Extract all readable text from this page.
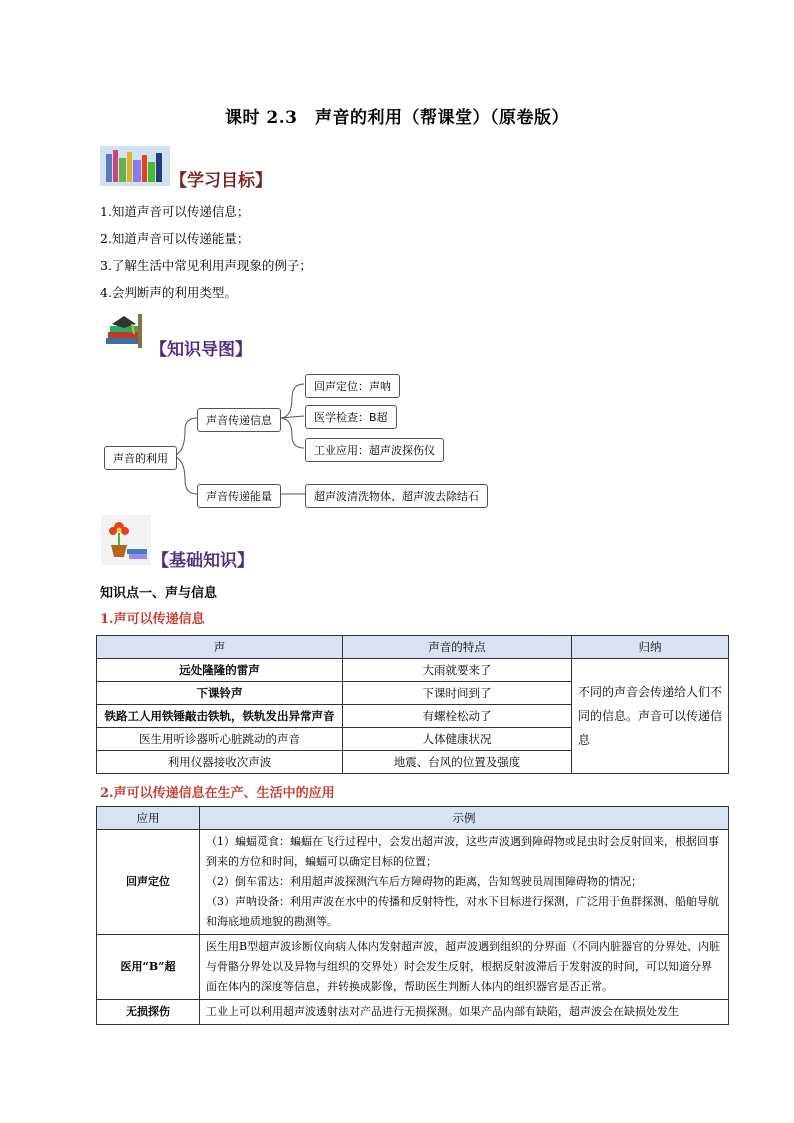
课时 2.3　声音的利用（帮课堂）（原卷版）
【学习目标】
1.知道声音可以传递信息；
2.知道声音可以传递能量；
3.了解生活中常见利用声现象的例子；
4.会判断声的利用类型。
【知识导图】
声音的利用
声音传递信息
回声定位：声呐
医学检查：B超
工业应用：超声波探伤仪
声音传递能量	超声波清洗物体、超声波去除结石
【基础知识】
知识点一、声与信息
1.声可以传递信息
声	声音的特点	归纳
远处隆隆的雷声	大雨就要来了	不同的声音会传递给人们不同的信息。声音可以传递信息
下课铃声	下课时间到了	
铁路工人用铁锤敲击铁轨，铁轨发出异常声音	有螺栓松动了	
医生用听诊器听心脏跳动的声音	人体健康状况	
利用仪器接收次声波	地震、台风的位置及强度	
2.声可以传递信息在生产、生活中的应用
应用	示例
回声定位	（1）蝙蝠觅食：蝙蝠在飞行过程中，会发出超声波，这些声波遇到障碍物或昆虫时会反射回来，根据回事到来的方位和时间，蝙蝠可以确定目标的位置；
（2）倒车雷达：利用超声波探测汽车后方障碍物的距离，告知驾驶员周围障碍物的情况；
（3）声呐设备：利用声波在水中的传播和反射特性，对水下目标进行探测，广泛用于鱼群探测、船舶导航和海底地质地貌的勘测等。

医用“B”超	医生用B型超声波诊断仪向病人体内发射超声波，超声波遇到组织的分界面（不同内脏器官的分界处、内脏与骨骼分界处以及异物与组织的交界处）时会发生反射，根据反射波滞后于发射波的时间，可以知道分界面在体内的深度等信息，并转换成影像，帮助医生判断人体内的组织器官是否正常。
无损探伤	工业上可以利用超声波透射法对产品进行无损探测。如果产品内部有缺陷，超声波会在缺损处发生
